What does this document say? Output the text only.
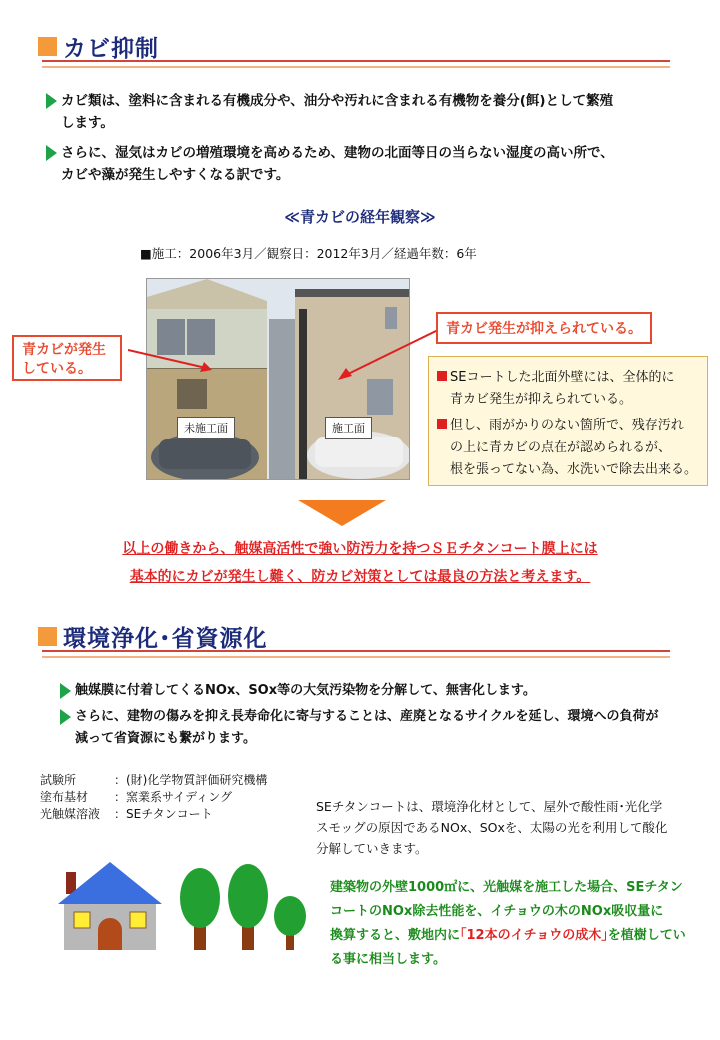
カビ抑制
カビ類は、塗料に含まれる有機成分や、油分や汚れに含まれる有機物を養分(餌)として繁殖
します。
さらに、湿気はカビの増殖環境を高めるため、建物の北面等日の当らない湿度の高い所で、
カビや藻が発生しやすくなる訳です。
≪青カビの経年観察≫
■施工：2006年3月／観察日：2012年3月／経過年数：6年
未施工面	施工面
青カビが発生
している。
青カビ発生が抑えられている。
SEコートした北面外壁には、全体的に
青カビ発生が抑えられている。
但し、雨がかりのない箇所で、残存汚れ
の上に青カビの点在が認められるが、
根を張ってない為、水洗いで除去出来る。
以上の働きから、触媒高活性で強い防汚力を持つＳＥチタンコート膜上には
基本的にカビが発生し難く、防カビ対策としては最良の方法と考えます。
環境浄化･省資源化
触媒膜に付着してくるNOx、SOx等の大気汚染物を分解して、無害化します。
さらに、建物の傷みを抑え長寿命化に寄与することは、産廃となるサイクルを延し、環境への負荷が
減って省資源にも繋がります。
試験所	：(財)化学物質評価研究機構
塗布基材	：窯業系サイディング
光触媒溶液	：SEチタンコート	SEチタンコートは、環境浄化材として、屋外で酸性雨･光化学
スモッグの原因であるNOx、SOxを、太陽の光を利用して酸化
分解していきます。
建築物の外壁1000㎡に、光触媒を施工した場合、SEチタン
コートのNOx除去性能を、イチョウの木のNOx吸収量に
換算すると、敷地内に｢12本のイチョウの成木｣を植樹してい
る事に相当します。
